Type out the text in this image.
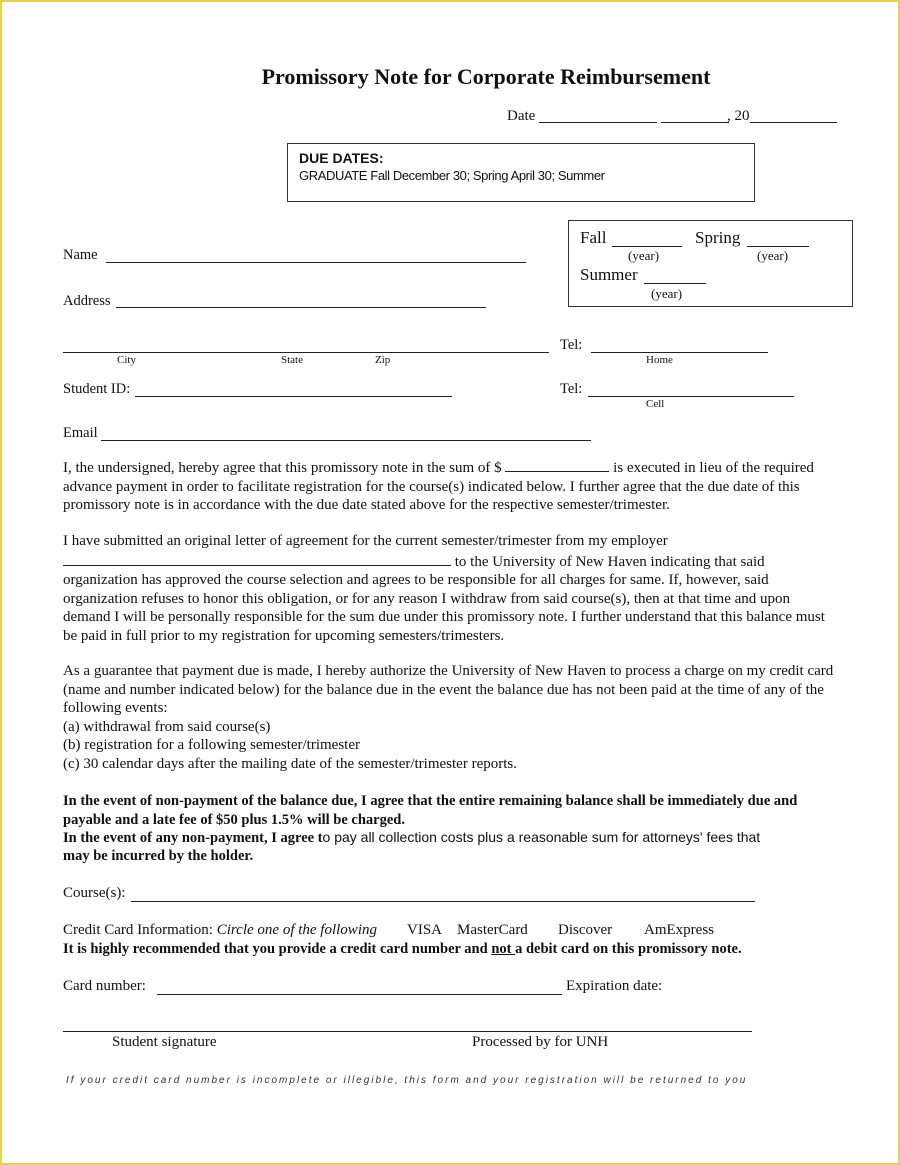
Promissory Note for Corporate Reimbursement
Date	, 20
DUE DATES:
GRADUATE Fall December 30; Spring April 30; Summer
Fall	Spring
(year)	(year)
Summer
(year)
Name
Address
City	State	Zip
Tel:
Home
Student ID:	Tel:
Cell
Email
I, the undersigned, hereby agree that this promissory note in the sum of $	is executed in lieu of the required advance payment in order to facilitate registration for the course(s) indicated below. I further agree that the due date of this promissory note is in accordance with the due date stated above for the respective semester/trimester.
I have submitted an original letter of agreement for the current semester/trimester from my employer  to the University of New Haven indicating that said organization has approved the course selection and agrees to be responsible for all charges for same. If, however, said organization refuses to honor this obligation, or for any reason I withdraw from said course(s), then at that time and upon demand I will be personally responsible for the sum due under this promissory note. I further understand that this balance must be paid in full prior to my registration for upcoming semesters/trimesters.
As a guarantee that payment due is made, I hereby authorize the University of New Haven to process a charge on my credit card (name and number indicated below) for the balance due in the event the balance due has not been paid at the time of any of the following events:
(a) withdrawal from said course(s)
(b) registration for a following semester/trimester
(c) 30 calendar days after the mailing date of the semester/trimester reports.
In the event of non-payment of the balance due, I agree that the entire remaining balance shall be immediately due and payable and a late fee of $50 plus 1.5% will be charged.
In the event of any non-payment, I agree to pay all collection costs plus a reasonable sum for attorneys' fees that
may be incurred by the holder.
Course(s):
Credit Card Information: Circle one of the following VISA MasterCard Discover AmExpress
It is highly recommended that you provide a credit card number and not a debit card on this promissory note.
Card number:	Expiration date:
Student signature	Processed by for UNH
If your credit card number is incomplete or illegible, this form and your registration will be returned to you
